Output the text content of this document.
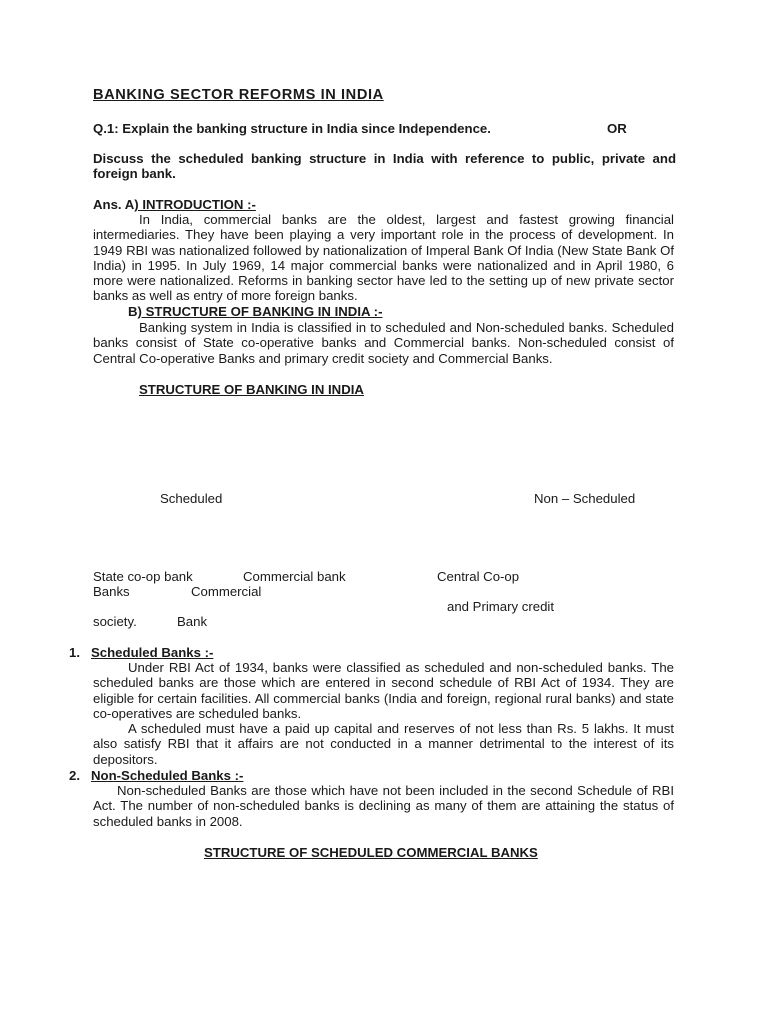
BANKING SECTOR REFORMS IN INDIA
Q.1: Explain the banking structure in India since Independence.	OR
Discuss the scheduled banking structure in India with reference to public, private and foreign bank.
Ans. A) INTRODUCTION :-
In India, commercial banks are the oldest, largest and fastest growing financial intermediaries. They have been playing a very important role in the process of development. In 1949 RBI was nationalized followed by nationalization of Imperal Bank Of India (New State Bank Of India) in 1995. In July 1969, 14 major commercial banks were nationalized and in April 1980, 6 more were nationalized. Reforms in banking sector have led to the setting up of new private sector banks as well as entry of more foreign banks.
B) STRUCTURE OF BANKING IN INDIA :-
Banking system in India is classified in to scheduled and Non-scheduled banks. Scheduled banks consist of State co-operative banks and Commercial banks. Non-scheduled consist of Central Co-operative Banks and primary credit society and Commercial Banks.
STRUCTURE OF BANKING IN INDIA
Scheduled	Non – Scheduled
State co-op bank	Commercial bank	Central Co-op
Banks	Commercial
and Primary credit
society.	Bank
1. Scheduled Banks :-

Under RBI Act of 1934, banks were classified as scheduled and non-scheduled banks. The scheduled banks are those which are entered in second schedule of RBI Act of 1934. They are eligible for certain facilities. All commercial banks (India and foreign, regional rural banks) and state co-operatives are scheduled banks.

A scheduled must have a paid up capital and reserves of not less than Rs. 5 lakhs. It must also satisfy RBI that it affairs are not conducted in a manner detrimental to the interest of its depositors.

2. Non-Scheduled Banks :-
Non-scheduled Banks are those which have not been included in the second Schedule of RBI Act. The number of non-scheduled banks is declining as many of them are attaining the status of scheduled banks in 2008.
STRUCTURE OF SCHEDULED COMMERCIAL BANKS
